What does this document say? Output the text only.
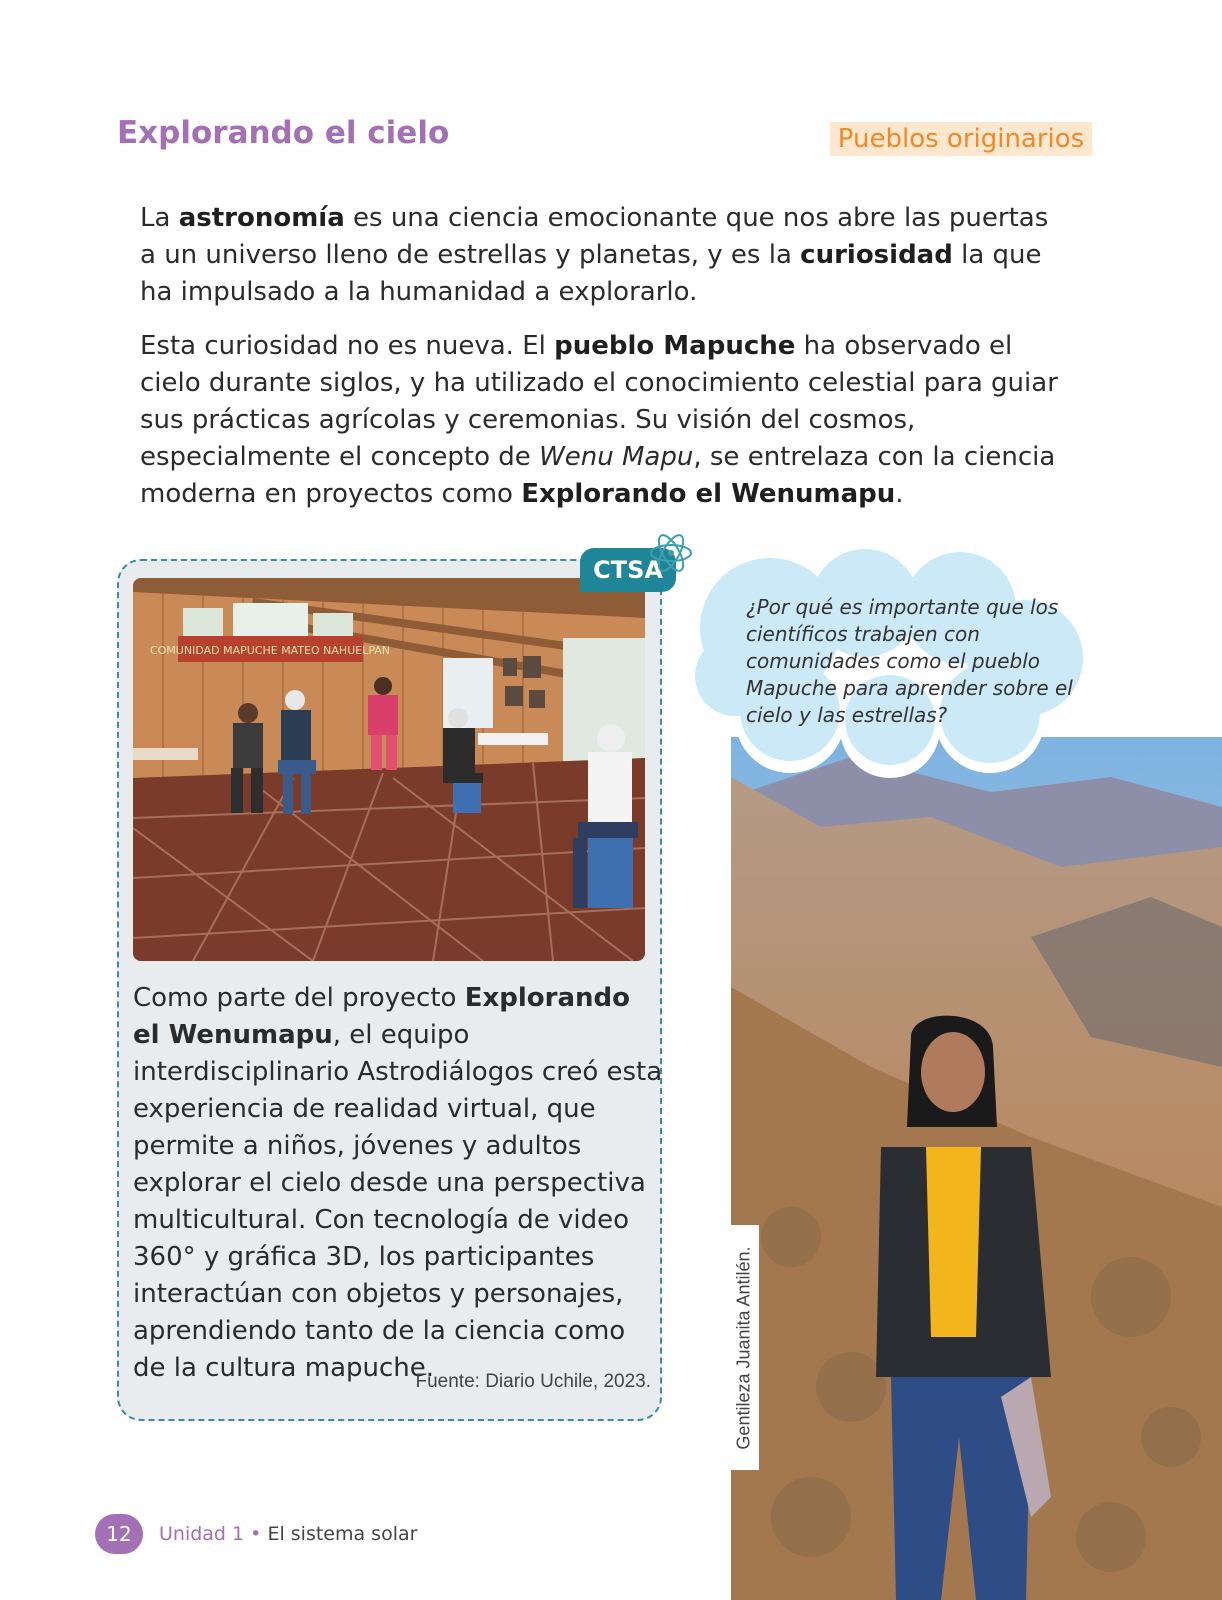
Explorando el cielo	Pueblos originarios

La astronomía es una ciencia emocionante que nos abre las puertas a un universo lleno de estrellas y planetas, y es la curiosidad la que ha impulsado a la humanidad a explorarlo.

Esta curiosidad no es nueva. El pueblo Mapuche ha observado el cielo durante siglos, y ha utilizado el conocimiento celestial para guiar sus prácticas agrícolas y ceremonias. Su visión del cosmos, especialmente el concepto de Wenu Mapu, se entrelaza con la ciencia moderna en proyectos como Explorando el Wenumapu.

COMUNIDAD MAPUCHE MATEO NAHUELPAN
CTSA

Como parte del proyecto Explorando el Wenumapu, el equipo interdisciplinario Astrodiálogos creó esta experiencia de realidad virtual, que permite a niños, jóvenes y adultos explorar el cielo desde una perspectiva multicultural. Con tecnología de video 360° y gráfica 3D, los participantes interactúan con objetos y personajes, aprendiendo tanto de la ciencia como de la cultura mapuche.

Fuente: Diario Uchile, 2023.

¿Por qué es importante que los científicos trabajen con comunidades como el pueblo Mapuche para aprender sobre el cielo y las estrellas?

Gentileza Juanita Antilén.
12	Unidad 1 • El sistema solar
